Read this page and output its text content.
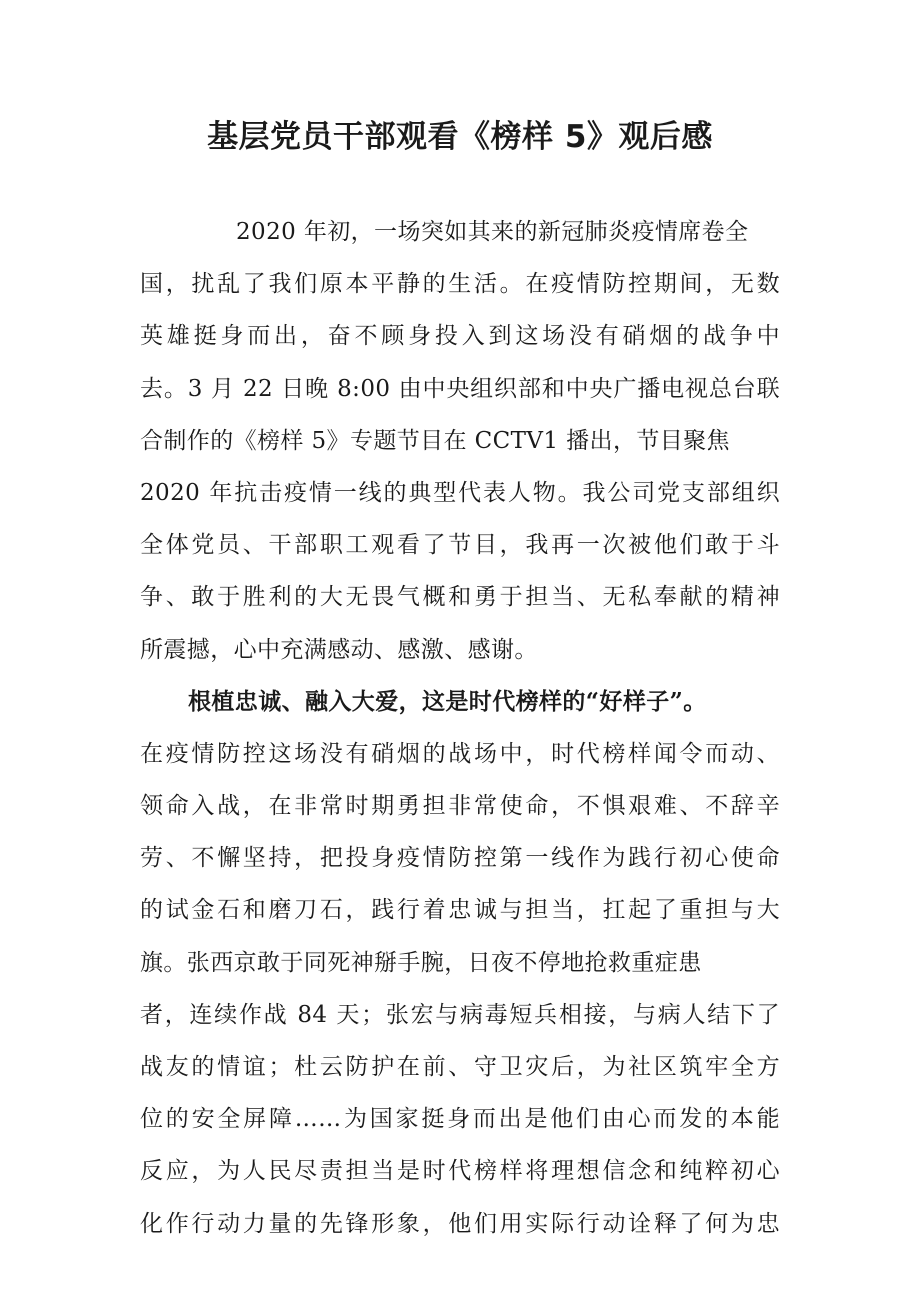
基层党员干部观看《榜样 5》观后感
2020 年初，一场突如其来的新冠肺炎疫情席卷全
国，扰乱了我们原本平静的生活。在疫情防控期间，无数
英雄挺身而出，奋不顾身投入到这场没有硝烟的战争中
去。3 月 22 日晚 8:00 由中央组织部和中央广播电视总台联
合制作的《榜样 5》专题节目在 CCTV1 播出，节目聚焦
2020 年抗击疫情一线的典型代表人物。我公司党支部组织
全体党员、干部职工观看了节目，我再一次被他们敢于斗
争、敢于胜利的大无畏气概和勇于担当、无私奉献的精神
所震撼，心中充满感动、感激、感谢。
根植忠诚、融入大爱，这是时代榜样的“好样子”。
在疫情防控这场没有硝烟的战场中，时代榜样闻令而动、
领命入战，在非常时期勇担非常使命，不惧艰难、不辞辛
劳、不懈坚持，把投身疫情防控第一线作为践行初心使命
的试金石和磨刀石，践行着忠诚与担当，扛起了重担与大
旗。张西京敢于同死神掰手腕，日夜不停地抢救重症患
者，连续作战 84 天；张宏与病毒短兵相接，与病人结下了
战友的情谊；杜云防护在前、守卫灾后，为社区筑牢全方
位的安全屏障……为国家挺身而出是他们由心而发的本能
反应，为人民尽责担当是时代榜样将理想信念和纯粹初心
化作行动力量的先锋形象，他们用实际行动诠释了何为忠
